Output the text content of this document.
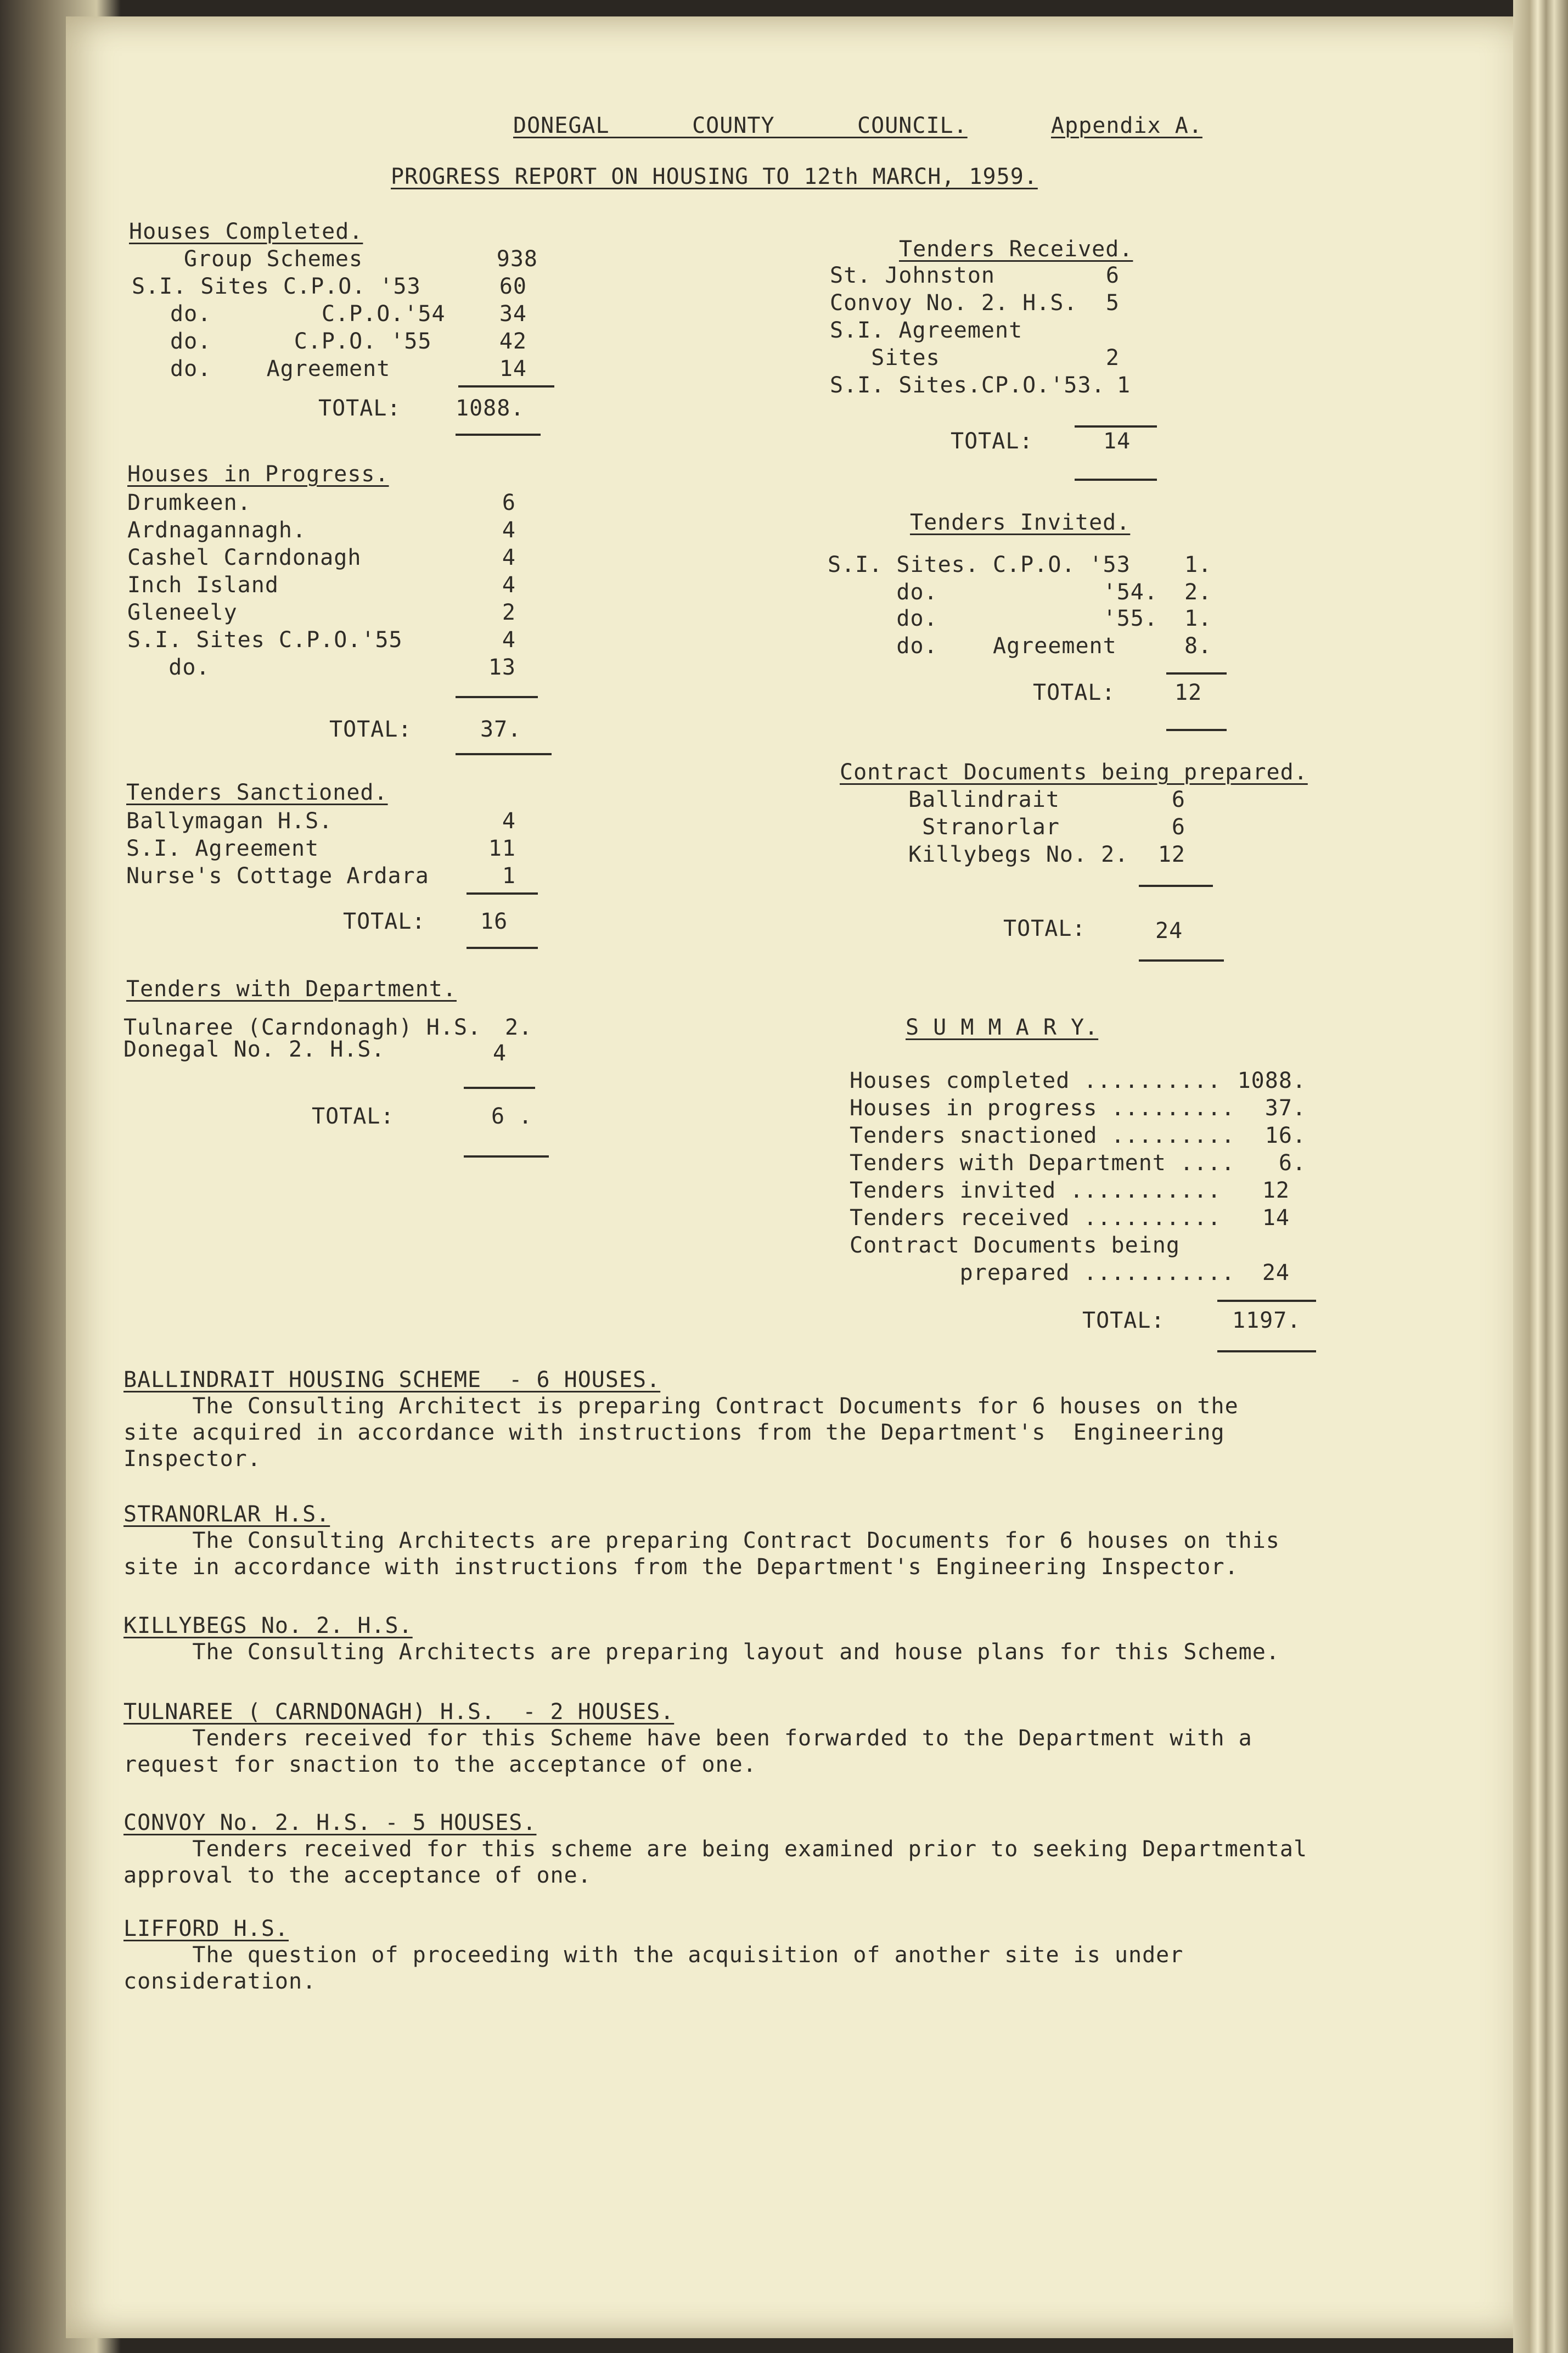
DONEGAL      COUNTY      COUNCIL.	Appendix A.
PROGRESS REPORT ON HOUSING TO 12th MARCH, 1959.
Houses Completed.
Group Schemes	938
S.I. Sites C.P.O. '53	60
do.        C.P.O.'54	34
do.      C.P.O. '55	42
do.    Agreement	14
TOTAL: 1088.
Houses in Progress.
Drumkeen.	6
Ardnagannagh.	4
Cashel Carndonagh	4
Inch Island	4
Gleneely	2
S.I. Sites C.P.O.'55	4
do.	13
TOTAL:	37.
Tenders Sanctioned.
Ballymagan H.S.	4
S.I. Agreement	11
Nurse's Cottage Ardara	1
TOTAL: 16
Tenders with Department.
Tulnaree (Carndonagh) H.S. 2.
Donegal No. 2. H.S.	4
TOTAL:	6 .
Tenders Received.
St. Johnston	6
Convoy No. 2. H.S.	5
S.I. Agreement
Sites	2
S.I. Sites.CP.O.'53. 1
TOTAL:	14
Tenders Invited.
S.I. Sites. C.P.O. '53 1.
do.            '54. 2.
do.            '55. 1.
do.    Agreement	8.
TOTAL:	12
Contract Documents being prepared.
Ballindrait	6
Stranorlar	6
Killybegs No. 2.	12
TOTAL:	24
S U M M A R Y.
Houses completed .......... 1088.
Houses in progress .........	37.
Tenders snactioned .........	16.
Tenders with Department ....	6.
Tenders invited ...........	12
Tenders received ..........	14
Contract Documents being
prepared ...........	24
TOTAL:	1197.
BALLINDRAIT HOUSING SCHEME  - 6 HOUSES.
The Consulting Architect is preparing Contract Documents for 6 houses on the
site acquired in accordance with instructions from the Department's  Engineering
Inspector.
STRANORLAR H.S.
The Consulting Architects are preparing Contract Documents for 6 houses on this
site in accordance with instructions from the Department's Engineering Inspector.
KILLYBEGS No. 2. H.S.
The Consulting Architects are preparing layout and house plans for this Scheme.
TULNAREE ( CARNDONAGH) H.S.  - 2 HOUSES.
Tenders received for this Scheme have been forwarded to the Department with a
request for snaction to the acceptance of one.
CONVOY No. 2. H.S. - 5 HOUSES.
Tenders received for this scheme are being examined prior to seeking Departmental
approval to the acceptance of one.
LIFFORD H.S.
The question of proceeding with the acquisition of another site is under
consideration.
